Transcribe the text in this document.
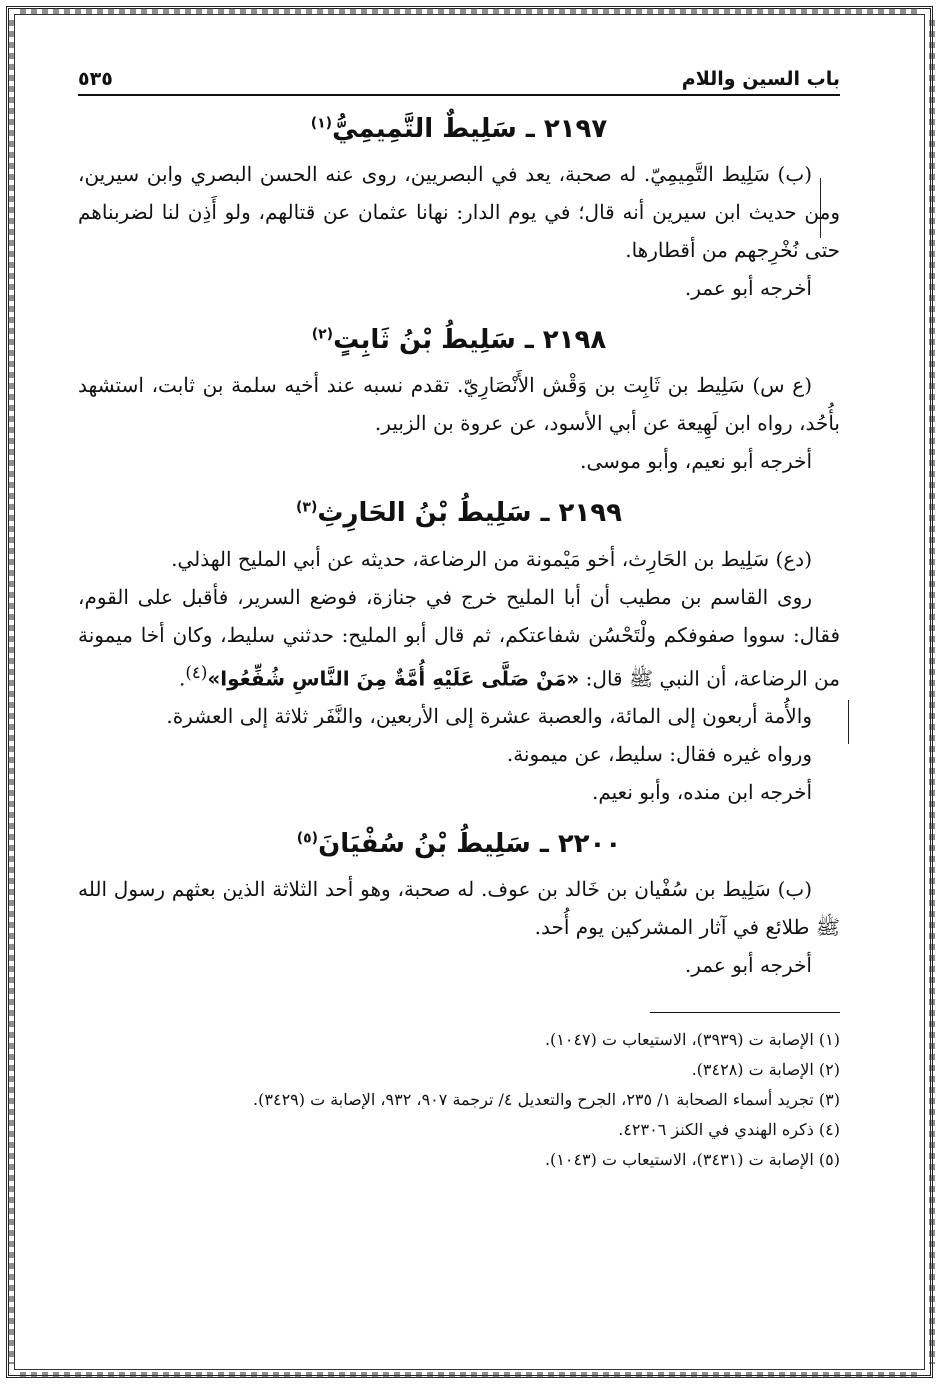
باب السين واللام
٥٣٥
٢١٩٧ ـ سَلِيطٌ التَّمِيمِيُّ$^{(١)}$

(ب) سَلِيط التَّمِيمِيّ. له صحبة، يعد في البصريين، روى عنه الحسن البصري وابن سيرين، ومن حديث ابن سيرين أنه قال؛ في يوم الدار: نهانا عثمان عن قتالهم، ولو أَذِن لنا لضربناهم حتى نُخْرِجهم من أقطارها.

أخرجه أبو عمر.

٢١٩٨ ـ سَلِيطُ بْنُ ثَابِتٍ$^{(٢)}$

(ع س) سَلِيط بن ثَابِت بن وَقْش الأَنْصَارِيّ. تقدم نسبه عند أخيه سلمة بن ثابت، استشهد بأُحُد، رواه ابن لَهِيعة عن أبي الأسود، عن عروة بن الزبير.

أخرجه أبو نعيم، وأبو موسى.

٢١٩٩ ـ سَلِيطُ بْنُ الحَارِثِ$^{(٣)}$

(دع) سَلِيط بن الحَارِث، أخو مَيْمونة من الرضاعة، حديثه عن أبي المليح الهذلي.

روى القاسم بن مطيب أن أبا المليح خرج في جنازة، فوضع السرير، فأقبل على القوم، فقال: سووا صفوفكم ولْتَحْسُن شفاعتكم، ثم قال أبو المليح: حدثني سليط، وكان أخا ميمونة من الرضاعة، أن النبي ﷺ قال: «مَنْ صَلَّى عَلَيْهِ أُمَّةٌ مِنَ النَّاسِ شُفِّعُوا»$^{(٤)}$.

والأُمة أربعون إلى المائة، والعصبة عشرة إلى الأربعين، والنَّفَر ثلاثة إلى العشرة.

ورواه غيره فقال: سليط، عن ميمونة.

أخرجه ابن منده، وأبو نعيم.

٢٢٠٠ ـ سَلِيطُ بْنُ سُفْيَانَ$^{(٥)}$

(ب) سَلِيط بن سُفْيان بن خَالد بن عوف. له صحبة، وهو أحد الثلاثة الذين بعثهم رسول الله ﷺ طلائع في آثار المشركين يوم أُحد.

أخرجه أبو عمر.

(١) الإصابة ت (٣٩٣٩)، الاستيعاب ت (١٠٤٧).
(٢) الإصابة ت (٣٤٢٨).
(٣) تجريد أسماء الصحابة ١/ ٢٣٥، الجرح والتعديل ٤/ ترجمة ٩٠٧، ٩٣٢، الإصابة ت (٣٤٢٩).
(٤) ذكره الهندي في الكنز ٤٢٣٠٦.
(٥) الإصابة ت (٣٤٣١)، الاستيعاب ت (١٠٤٣).
